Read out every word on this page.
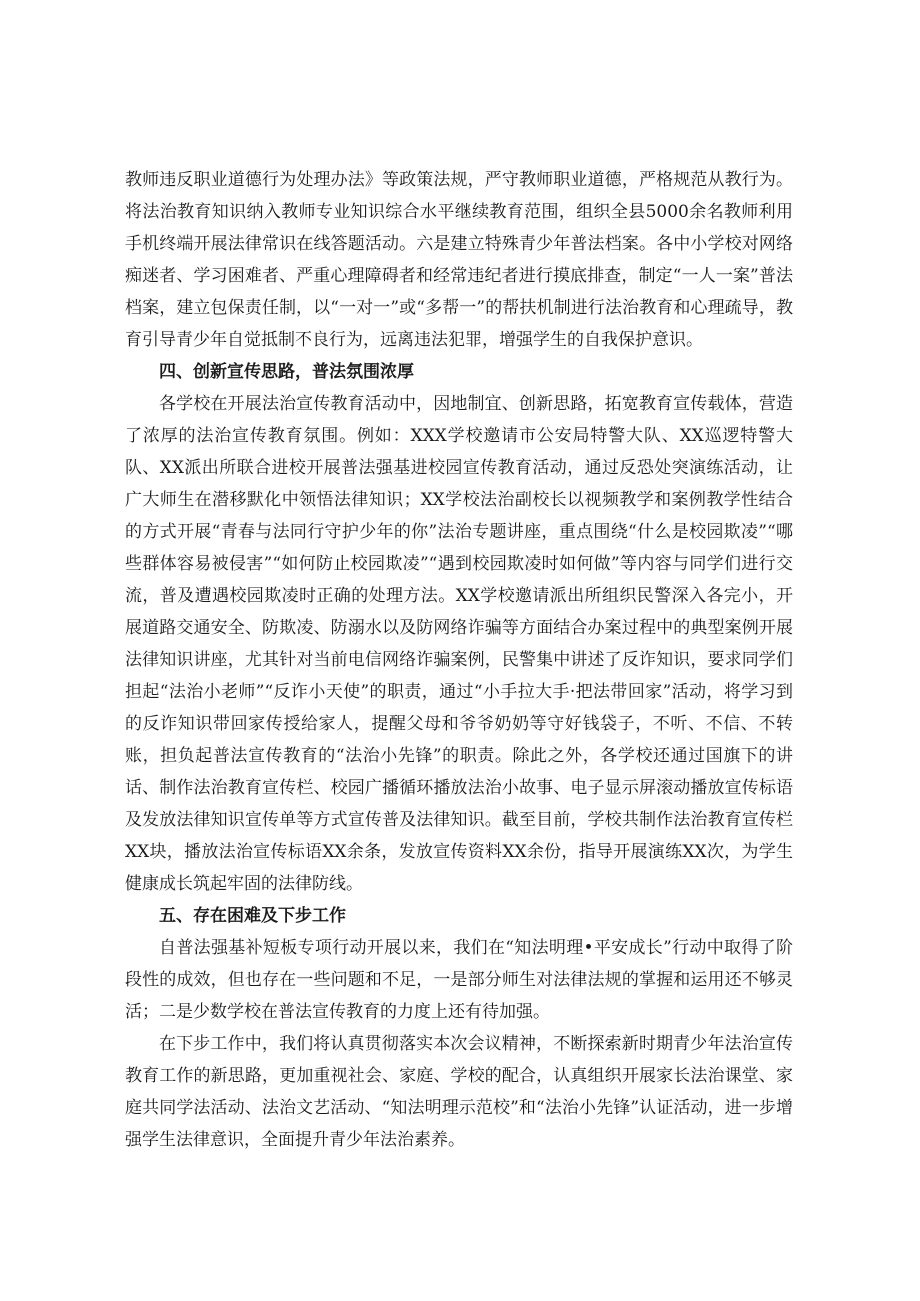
教师违反职业道德行为处理办法》等政策法规，严守教师职业道德，严格规范从教行为。将法治教育知识纳入教师专业知识综合水平继续教育范围，组织全县5000余名教师利用手机终端开展法律常识在线答题活动。六是建立特殊青少年普法档案。各中小学校对网络痴迷者、学习困难者、严重心理障碍者和经常违纪者进行摸底排查，制定“一人一案”普法档案，建立包保责任制，以“一对一”或“多帮一”的帮扶机制进行法治教育和心理疏导，教育引导青少年自觉抵制不良行为，远离违法犯罪，增强学生的自我保护意识。

四、创新宣传思路，普法氛围浓厚

各学校在开展法治宣传教育活动中，因地制宜、创新思路，拓宽教育宣传载体，营造了浓厚的法治宣传教育氛围。例如：XXX学校邀请市公安局特警大队、XX巡逻特警大队、XX派出所联合进校开展普法强基进校园宣传教育活动，通过反恐处突演练活动，让广大师生在潜移默化中领悟法律知识；XX学校法治副校长以视频教学和案例教学性结合的方式开展“青春与法同行守护少年的你”法治专题讲座，重点围绕“什么是校园欺凌”“哪些群体容易被侵害”“如何防止校园欺凌”“遇到校园欺凌时如何做”等内容与同学们进行交流，普及遭遇校园欺凌时正确的处理方法。XX学校邀请派出所组织民警深入各完小，开展道路交通安全、防欺凌、防溺水以及防网络诈骗等方面结合办案过程中的典型案例开展法律知识讲座，尤其针对当前电信网络诈骗案例，民警集中讲述了反诈知识，要求同学们担起“法治小老师”“反诈小天使”的职责，通过“小手拉大手·把法带回家”活动，将学习到的反诈知识带回家传授给家人，提醒父母和爷爷奶奶等守好钱袋子，不听、不信、不转账，担负起普法宣传教育的“法治小先锋”的职责。除此之外，各学校还通过国旗下的讲话、制作法治教育宣传栏、校园广播循环播放法治小故事、电子显示屏滚动播放宣传标语及发放法律知识宣传单等方式宣传普及法律知识。截至目前，学校共制作法治教育宣传栏XX块，播放法治宣传标语XX余条，发放宣传资料XX余份，指导开展演练XX次，为学生健康成长筑起牢固的法律防线。

五、存在困难及下步工作

自普法强基补短板专项行动开展以来，我们在“知法明理•平安成长”行动中取得了阶段性的成效，但也存在一些问题和不足，一是部分师生对法律法规的掌握和运用还不够灵活；二是少数学校在普法宣传教育的力度上还有待加强。

在下步工作中，我们将认真贯彻落实本次会议精神，不断探索新时期青少年法治宣传教育工作的新思路，更加重视社会、家庭、学校的配合，认真组织开展家长法治课堂、家庭共同学法活动、法治文艺活动、“知法明理示范校”和“法治小先锋”认证活动，进一步增强学生法律意识，全面提升青少年法治素养。
